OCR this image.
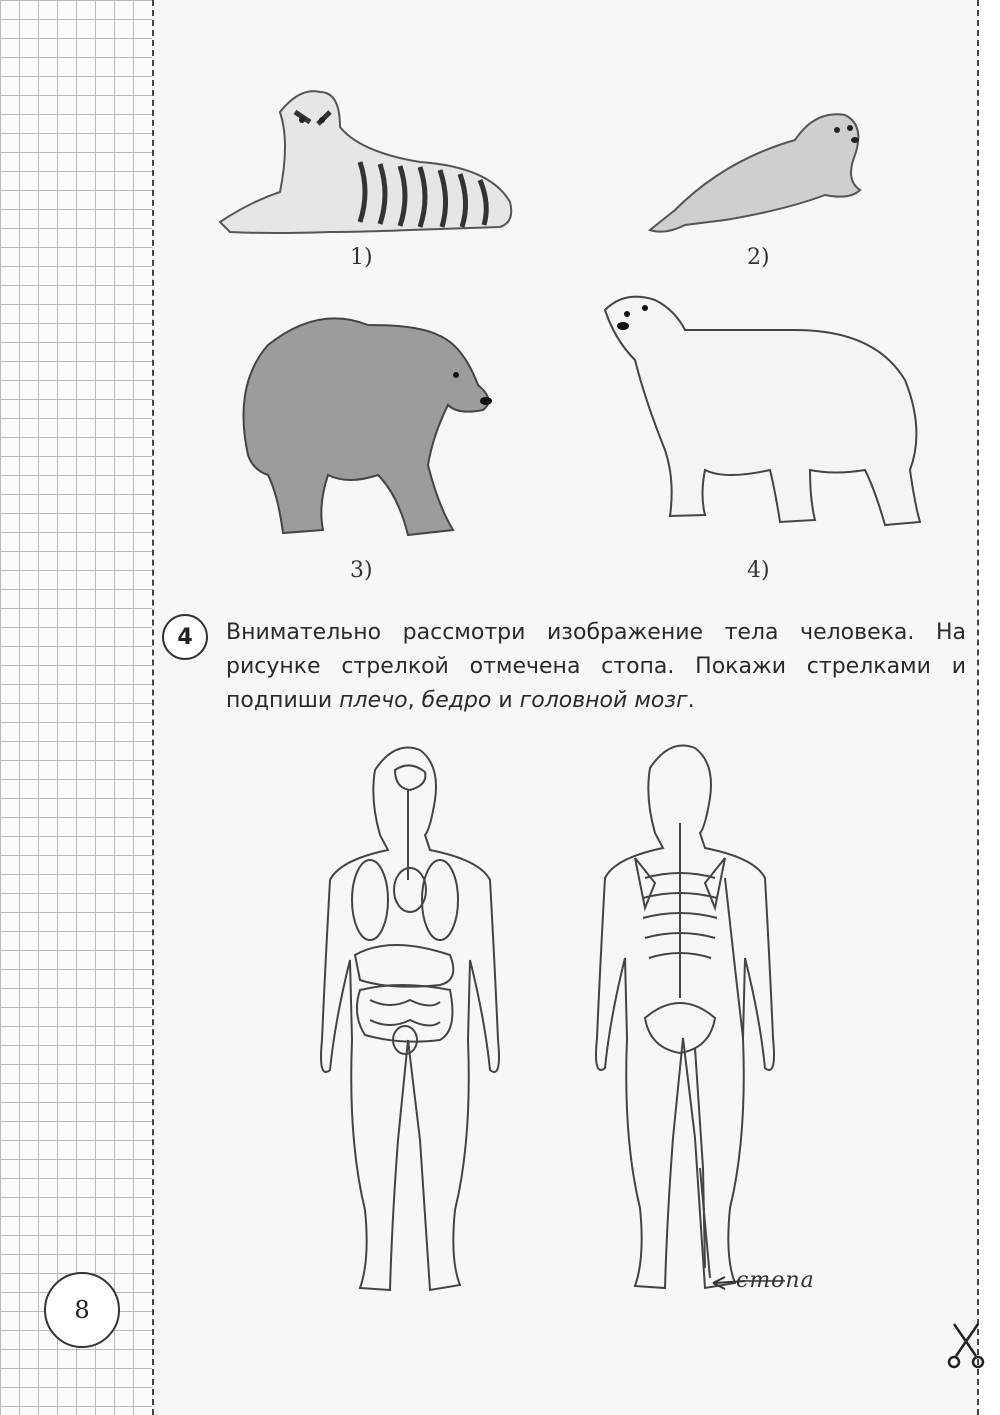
1)	2)
3)	4)
4	Внимательно рассмотри изображение тела человека. На рисунке стрелкой отмечена стопа. Покажи стрелками и подпиши плечо, бедро и головной мозг.
стопа
8
